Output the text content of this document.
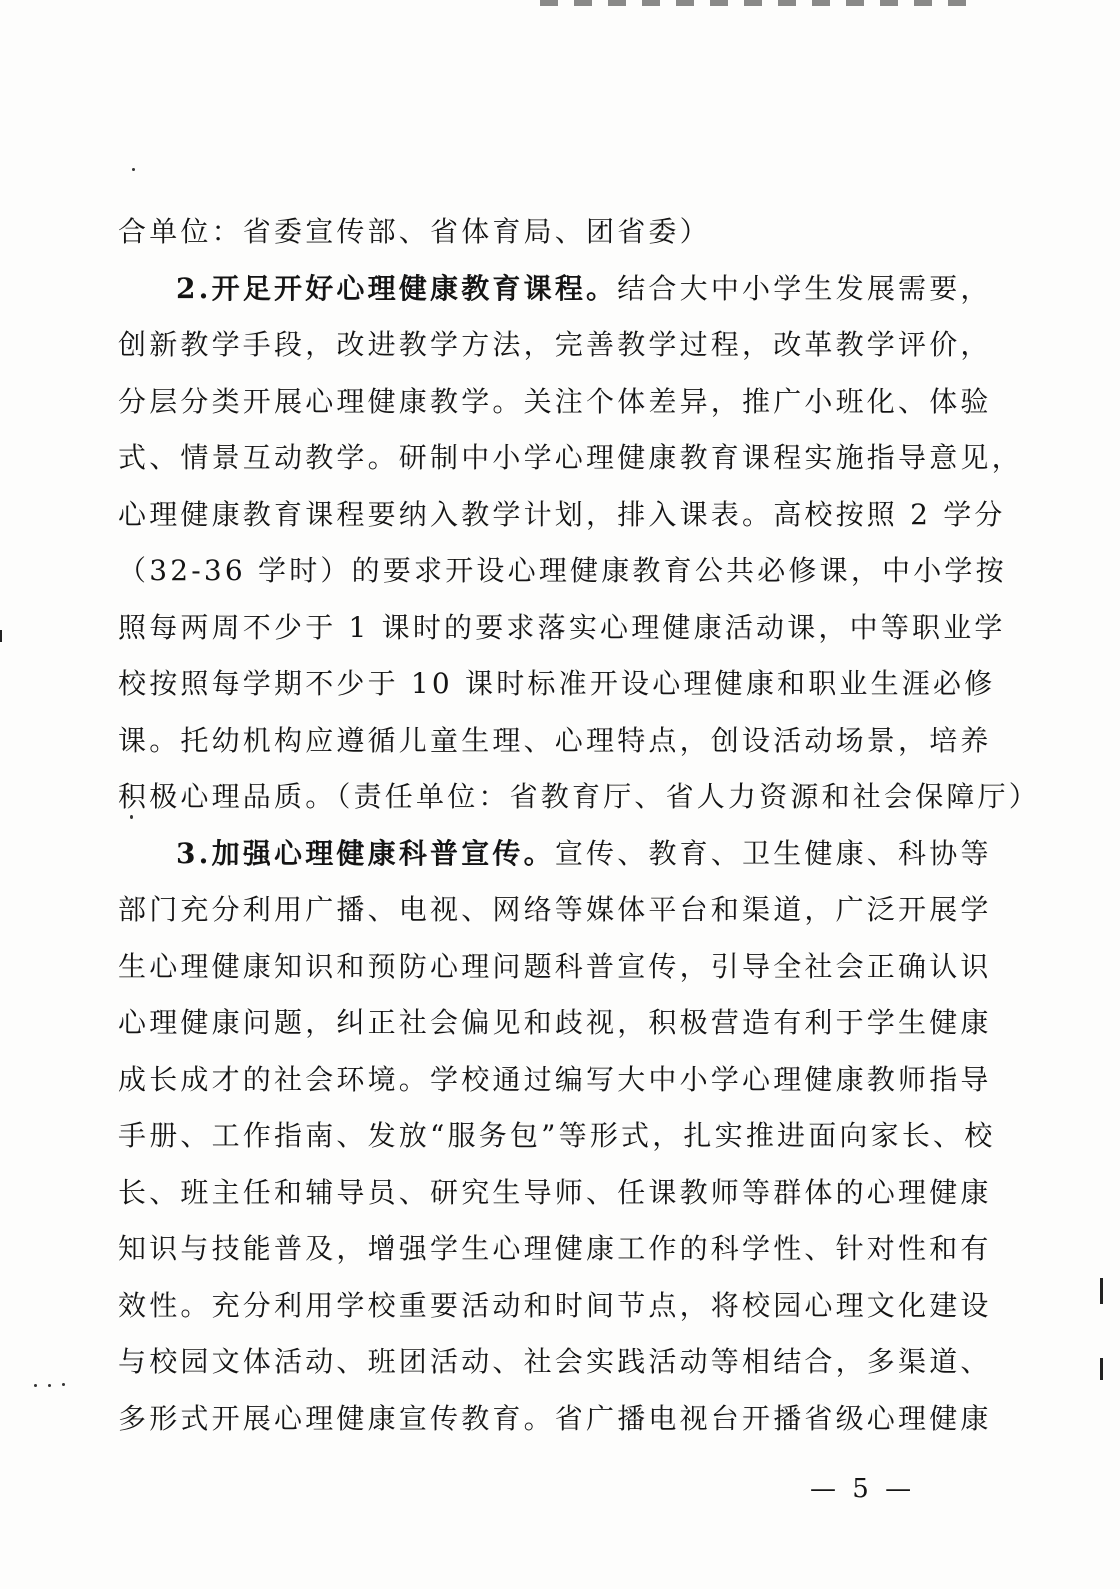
合单位：省委宣传部、省体育局、团省委）
2.开足开好心理健康教育课程。结合大中小学生发展需要，
创新教学手段，改进教学方法，完善教学过程，改革教学评价，
分层分类开展心理健康教学。关注个体差异，推广小班化、体验
式、情景互动教学。研制中小学心理健康教育课程实施指导意见，
心理健康教育课程要纳入教学计划，排入课表。高校按照 2 学分
（32-36 学时）的要求开设心理健康教育公共必修课，中小学按
照每两周不少于 1 课时的要求落实心理健康活动课，中等职业学
校按照每学期不少于 10 课时标准开设心理健康和职业生涯必修
课。托幼机构应遵循儿童生理、心理特点，创设活动场景，培养
积极心理品质。（责任单位：省教育厅、省人力资源和社会保障厅）
3.加强心理健康科普宣传。宣传、教育、卫生健康、科协等
部门充分利用广播、电视、网络等媒体平台和渠道，广泛开展学
生心理健康知识和预防心理问题科普宣传，引导全社会正确认识
心理健康问题，纠正社会偏见和歧视，积极营造有利于学生健康
成长成才的社会环境。学校通过编写大中小学心理健康教师指导
手册、工作指南、发放“服务包”等形式，扎实推进面向家长、校
长、班主任和辅导员、研究生导师、任课教师等群体的心理健康
知识与技能普及，增强学生心理健康工作的科学性、针对性和有
效性。充分利用学校重要活动和时间节点，将校园心理文化建设
与校园文体活动、班团活动、社会实践活动等相结合，多渠道、
多形式开展心理健康宣传教育。省广播电视台开播省级心理健康
— 5 —
